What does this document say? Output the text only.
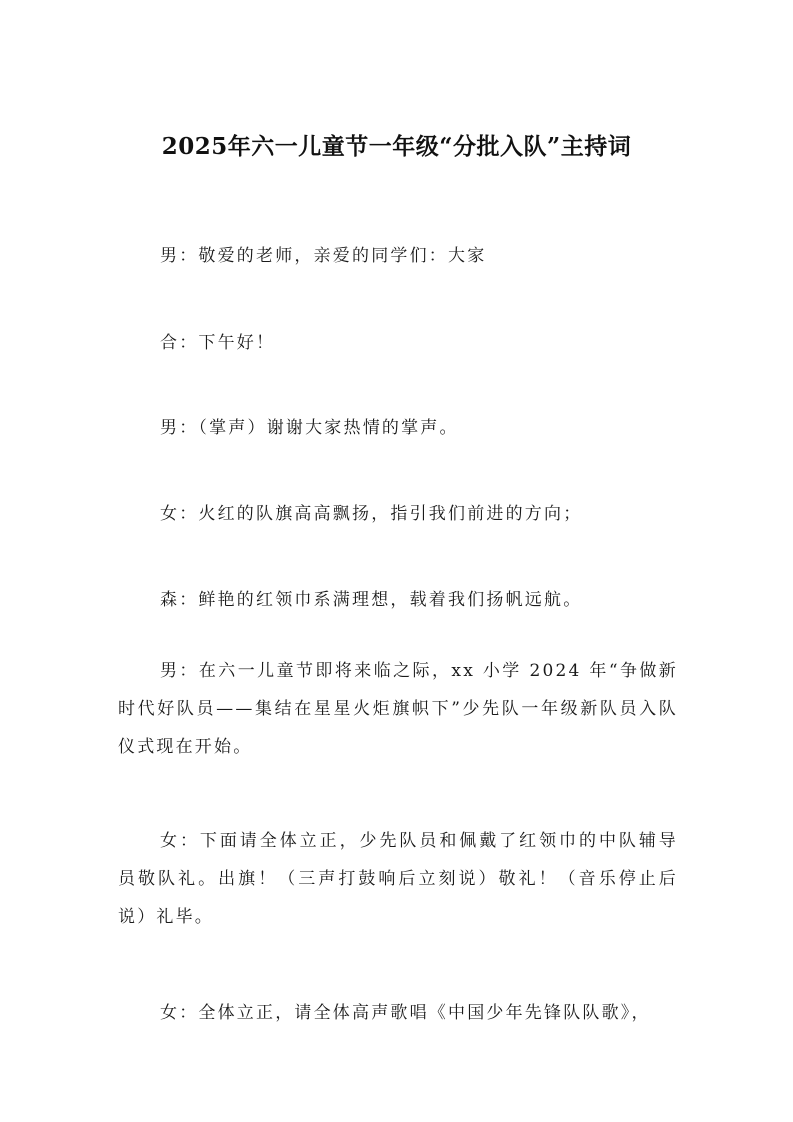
2025年六一儿童节一年级“分批入队”主持词

男：敬爱的老师，亲爱的同学们：大家

合：下午好！

男：（掌声）谢谢大家热情的掌声。

女：火红的队旗高高飘扬，指引我们前进的方向；

森：鲜艳的红领巾系满理想，载着我们扬帆远航。

男：在六一儿童节即将来临之际，xx 小学 2024 年“争做新时代好队员——集结在星星火炬旗帜下”少先队一年级新队员入队仪式现在开始。

女：下面请全体立正，少先队员和佩戴了红领巾的中队辅导员敬队礼。出旗！（三声打鼓响后立刻说）敬礼！（音乐停止后说）礼毕。

女：全体立正，请全体高声歌唱《中国少年先锋队队歌》，
